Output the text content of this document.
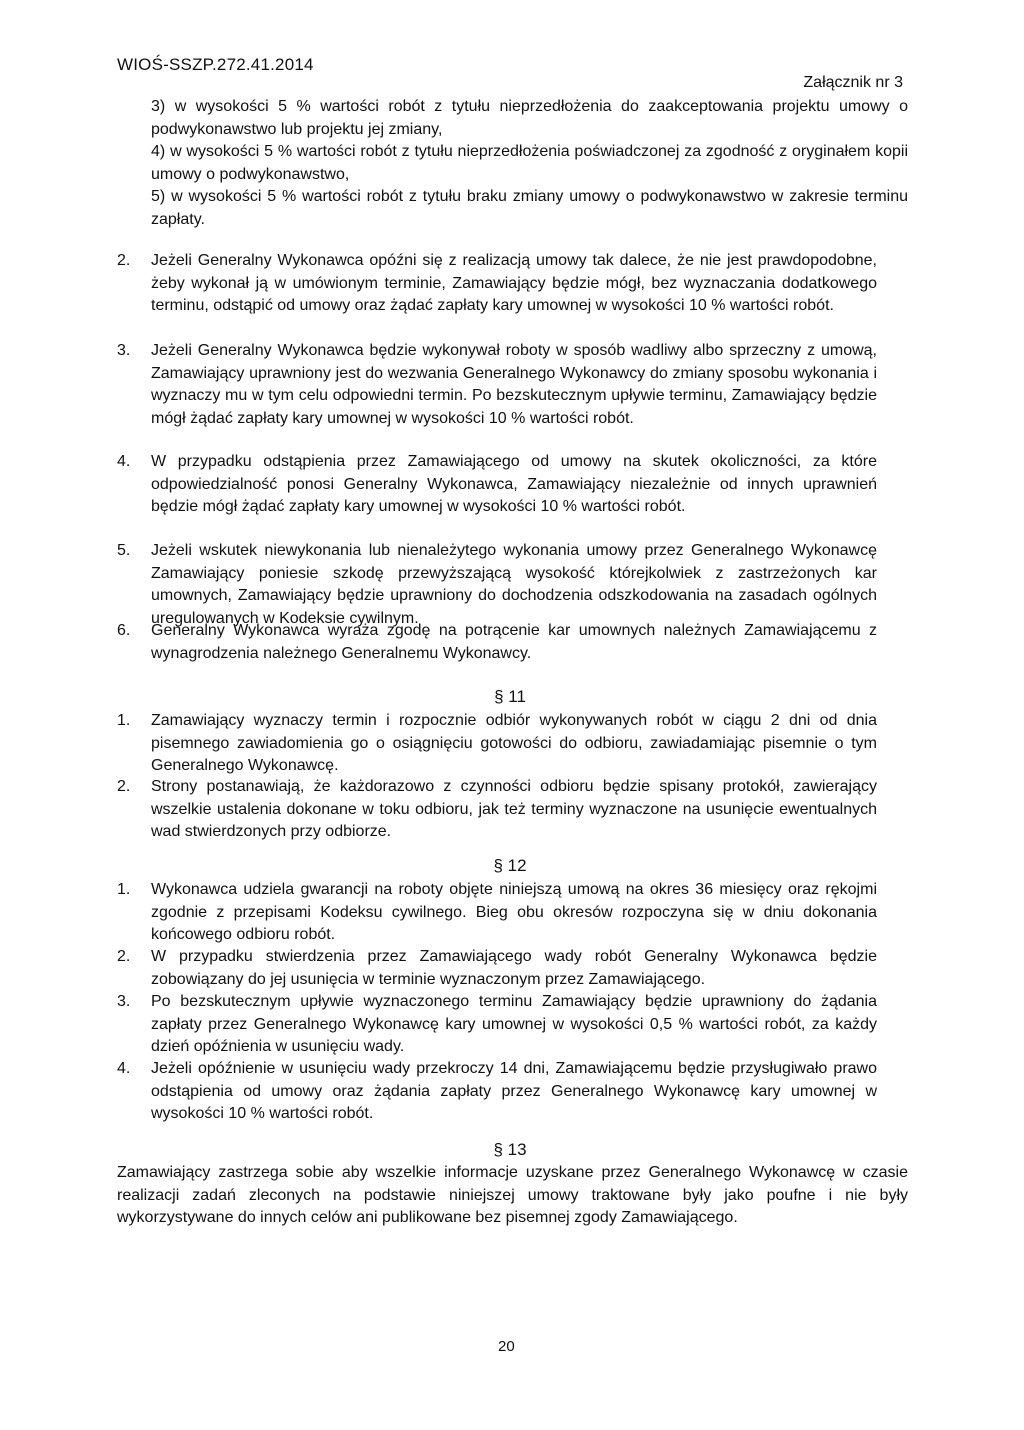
WIOŚ-SSZP.272.41.2014
Załącznik nr 3
3) w wysokości 5 % wartości robót z tytułu nieprzedłożenia do zaakceptowania projektu umowy o podwykonawstwo lub projektu jej zmiany,
4) w wysokości 5 % wartości robót z tytułu nieprzedłożenia poświadczonej za zgodność z oryginałem kopii umowy o podwykonawstwo,
5) w wysokości 5 % wartości robót z tytułu braku zmiany umowy o podwykonawstwo w zakresie terminu zapłaty.
2. Jeżeli Generalny Wykonawca opóźni się z realizacją umowy tak dalece, że nie jest prawdopodobne, żeby wykonał ją w umówionym terminie, Zamawiający będzie mógł, bez wyznaczania dodatkowego terminu, odstąpić od umowy oraz żądać zapłaty kary umownej w wysokości 10 % wartości robót.
3. Jeżeli Generalny Wykonawca będzie wykonywał roboty w sposób wadliwy albo sprzeczny z umową, Zamawiający uprawniony jest do wezwania Generalnego Wykonawcy do zmiany sposobu wykonania i wyznaczy mu w tym celu odpowiedni termin. Po bezskutecznym upływie terminu, Zamawiający będzie mógł żądać zapłaty kary umownej w wysokości 10 % wartości robót.
4. W przypadku odstąpienia przez Zamawiającego od umowy na skutek okoliczności, za które odpowiedzialność ponosi Generalny Wykonawca, Zamawiający niezależnie od innych uprawnień będzie mógł żądać zapłaty kary umownej w wysokości 10 % wartości robót.
5. Jeżeli wskutek niewykonania lub nienależytego wykonania umowy przez Generalnego Wykonawcę Zamawiający poniesie szkodę przewyższającą wysokość którejkolwiek z zastrzeżonych kar umownych, Zamawiający będzie uprawniony do dochodzenia odszkodowania na zasadach ogólnych uregulowanych w Kodeksie cywilnym.
6. Generalny Wykonawca wyraża zgodę na potrącenie kar umownych należnych Zamawiającemu z wynagrodzenia należnego Generalnemu Wykonawcy.
§ 11
1. Zamawiający wyznaczy termin i rozpocznie odbiór wykonywanych robót w ciągu 2 dni od dnia pisemnego zawiadomienia go o osiągnięciu gotowości do odbioru, zawiadamiając pisemnie o tym Generalnego Wykonawcę.
2. Strony postanawiają, że każdorazowo z czynności odbioru będzie spisany protokół, zawierający wszelkie ustalenia dokonane w toku odbioru, jak też terminy wyznaczone na usunięcie ewentualnych wad stwierdzonych przy odbiorze.
§ 12
1. Wykonawca udziela gwarancji na roboty objęte niniejszą umową na okres 36 miesięcy oraz rękojmi zgodnie z przepisami Kodeksu cywilnego. Bieg obu okresów rozpoczyna się w dniu dokonania końcowego odbioru robót.
2. W przypadku stwierdzenia przez Zamawiającego wady robót Generalny Wykonawca będzie zobowiązany do jej usunięcia w terminie wyznaczonym przez Zamawiającego.
3. Po bezskutecznym upływie wyznaczonego terminu Zamawiający będzie uprawniony do żądania zapłaty przez Generalnego Wykonawcę kary umownej w wysokości 0,5 % wartości robót, za każdy dzień opóźnienia w usunięciu wady.
4. Jeżeli opóźnienie w usunięciu wady przekroczy 14 dni, Zamawiającemu będzie przysługiwało prawo odstąpienia od umowy oraz żądania zapłaty przez Generalnego Wykonawcę kary umownej w wysokości 10 % wartości robót.
§ 13
Zamawiający zastrzega sobie aby wszelkie informacje uzyskane przez Generalnego Wykonawcę w czasie realizacji zadań zleconych na podstawie niniejszej umowy traktowane były jako poufne i nie były wykorzystywane do innych celów ani publikowane bez pisemnej zgody Zamawiającego.
20
